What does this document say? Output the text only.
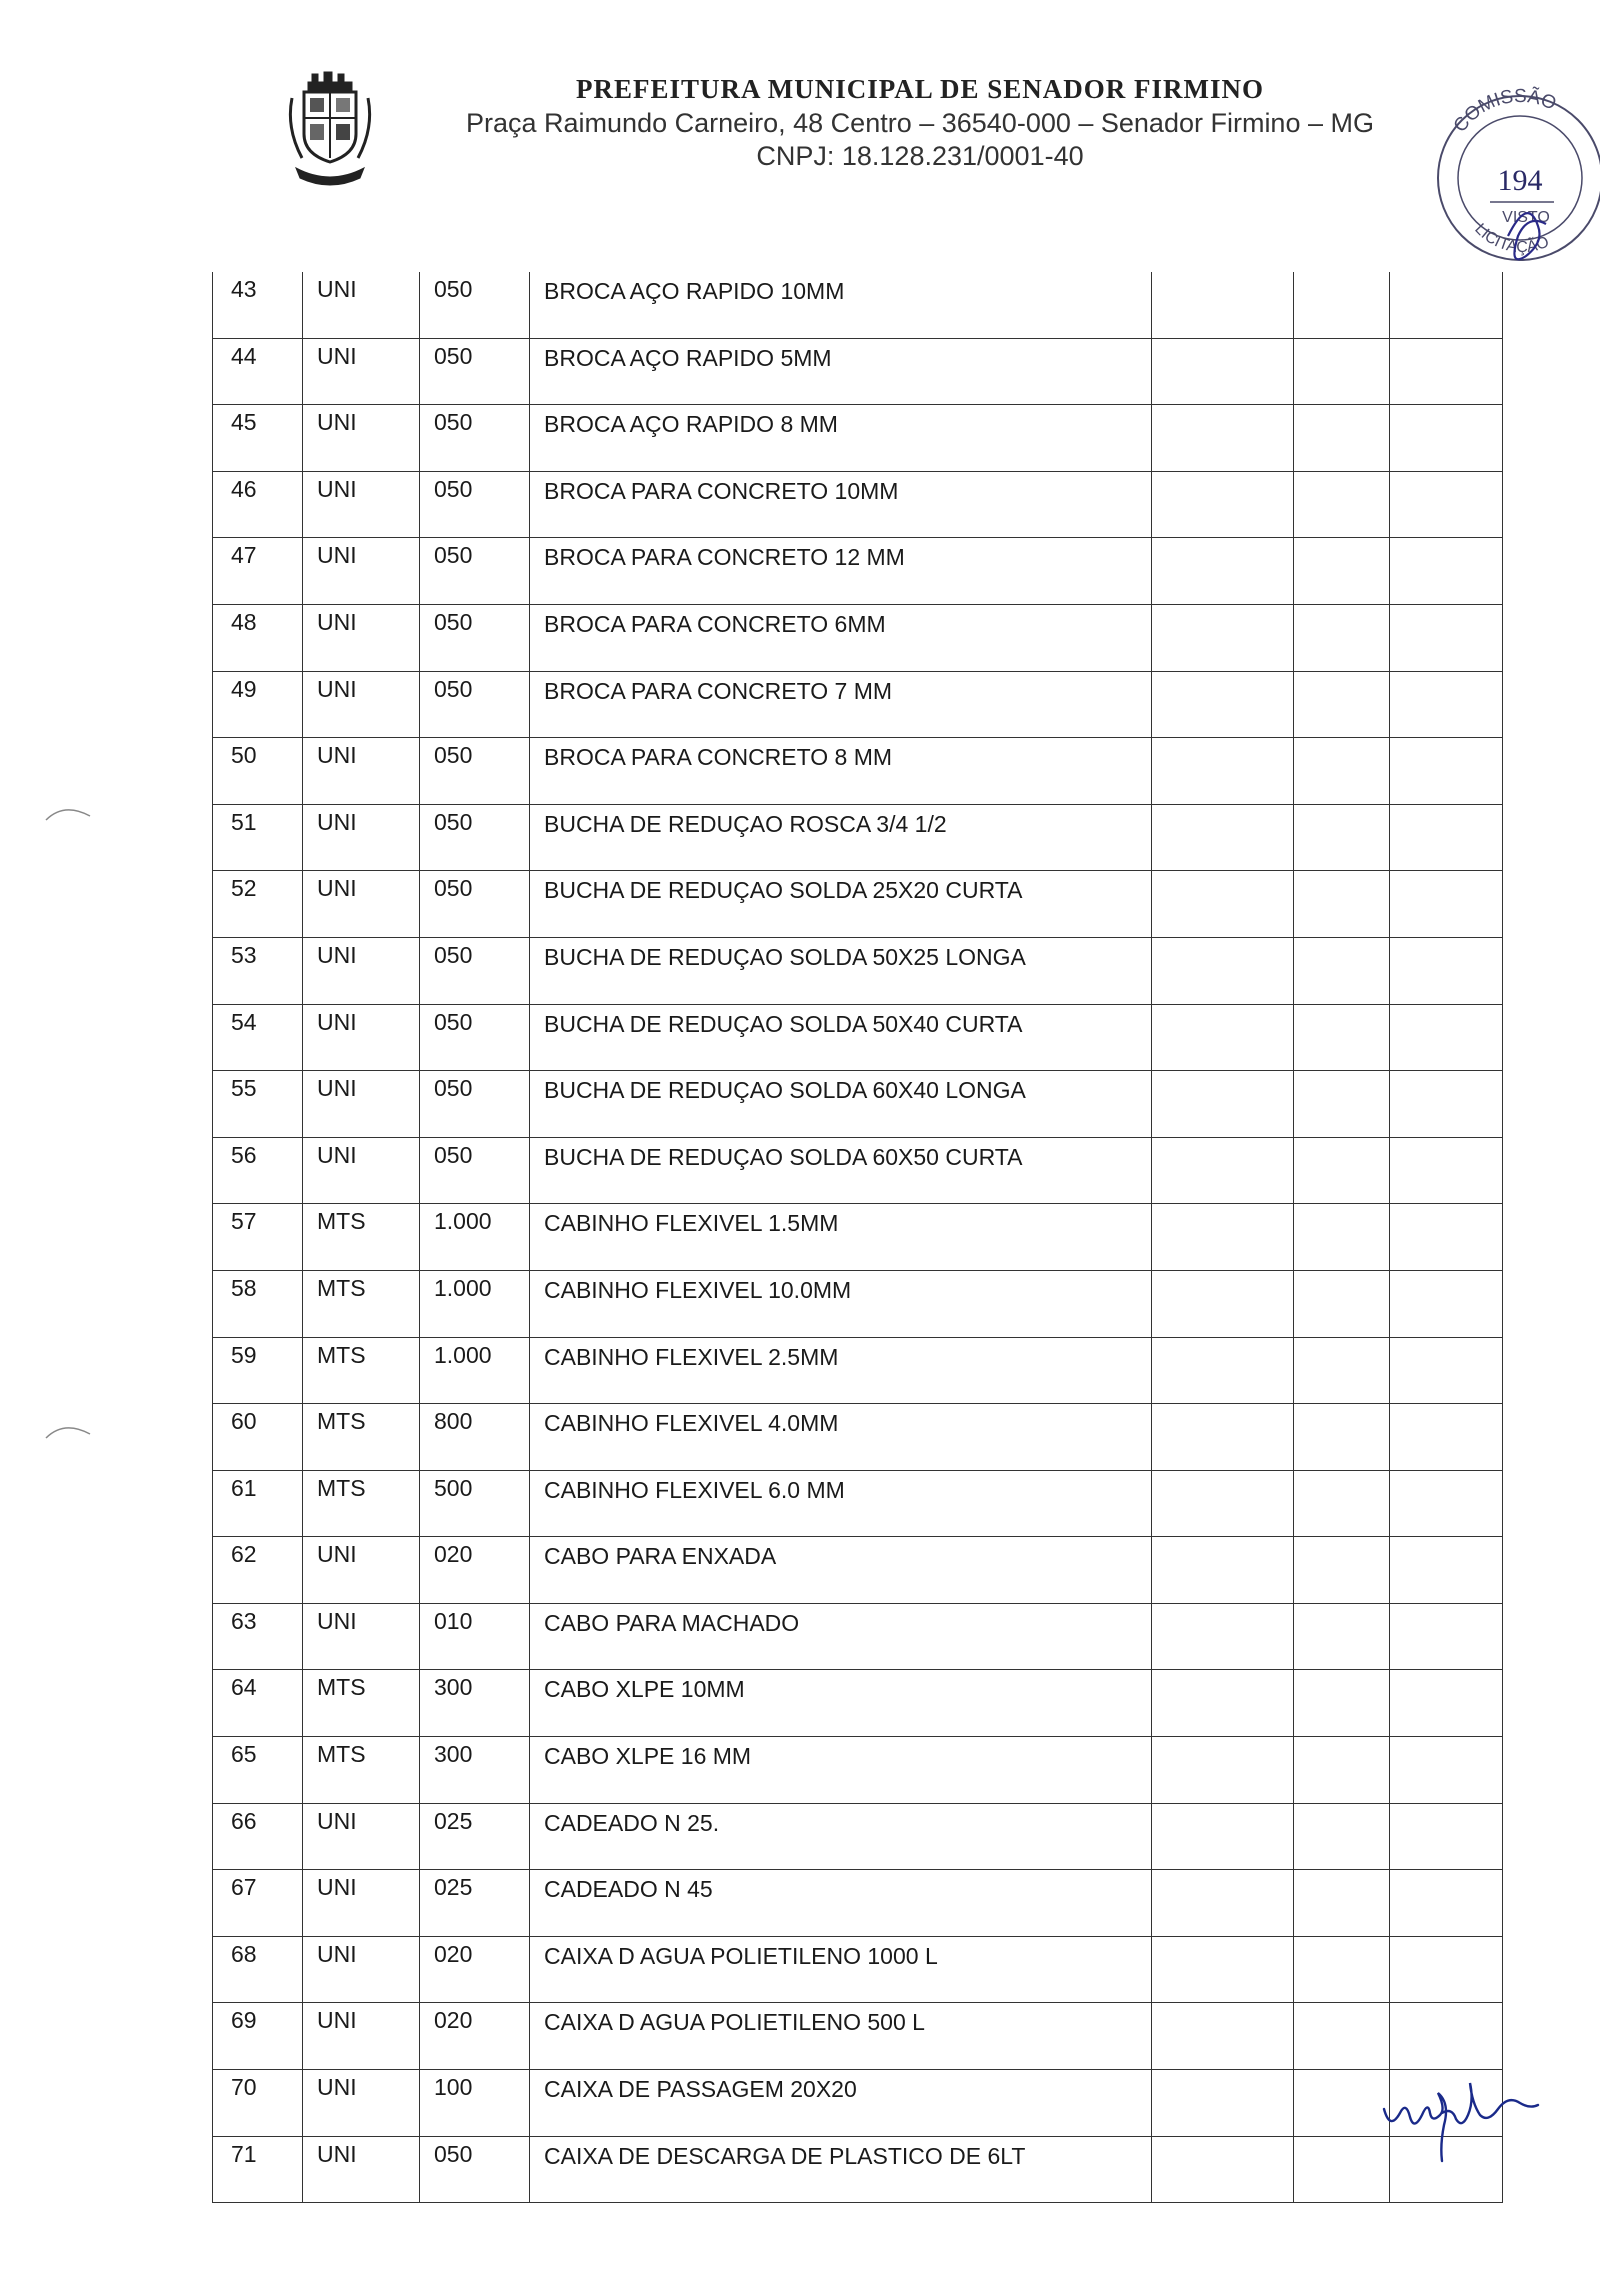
PREFEITURA MUNICIPAL DE SENADOR FIRMINO
Praça Raimundo Carneiro, 48 Centro – 36540-000 – Senador Firmino – MG
CNPJ: 18.128.231/0001-40
COMISSÃO
194
VISTO
LICITAÇÃO
43	UNI	050	BROCA AÇO RAPIDO 10MM			
44	UNI	050	BROCA AÇO RAPIDO 5MM			
45	UNI	050	BROCA AÇO RAPIDO 8 MM			
46	UNI	050	BROCA PARA CONCRETO 10MM			
47	UNI	050	BROCA PARA CONCRETO 12 MM			
48	UNI	050	BROCA PARA CONCRETO 6MM			
49	UNI	050	BROCA PARA CONCRETO 7 MM			
50	UNI	050	BROCA PARA CONCRETO 8 MM			
51	UNI	050	BUCHA DE REDUÇAO ROSCA 3/4 1/2			
52	UNI	050	BUCHA DE REDUÇAO SOLDA 25X20 CURTA			
53	UNI	050	BUCHA DE REDUÇAO SOLDA 50X25 LONGA			
54	UNI	050	BUCHA DE REDUÇAO SOLDA 50X40 CURTA			
55	UNI	050	BUCHA DE REDUÇAO SOLDA 60X40 LONGA			
56	UNI	050	BUCHA DE REDUÇAO SOLDA 60X50 CURTA			
57	MTS	1.000	CABINHO FLEXIVEL 1.5MM			
58	MTS	1.000	CABINHO FLEXIVEL 10.0MM			
59	MTS	1.000	CABINHO FLEXIVEL 2.5MM			
60	MTS	800	CABINHO FLEXIVEL 4.0MM			
61	MTS	500	CABINHO FLEXIVEL 6.0 MM			
62	UNI	020	CABO PARA ENXADA			
63	UNI	010	CABO PARA MACHADO			
64	MTS	300	CABO XLPE 10MM			
65	MTS	300	CABO XLPE 16 MM			
66	UNI	025	CADEADO N 25.			
67	UNI	025	CADEADO N 45			
68	UNI	020	CAIXA D AGUA POLIETILENO 1000 L			
69	UNI	020	CAIXA D AGUA POLIETILENO 500 L			
70	UNI	100	CAIXA DE PASSAGEM 20X20			
71	UNI	050	CAIXA DE DESCARGA DE PLASTICO DE 6LT			
